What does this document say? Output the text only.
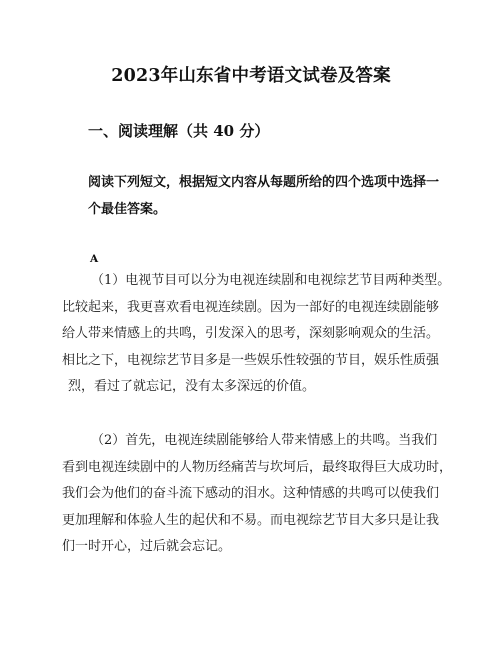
2023年山东省中考语文试卷及答案
一、阅读理解（共 40 分）
阅读下列短文，根据短文内容从每题所给的四个选项中选择一
个最佳答案。
A
（1）电视节目可以分为电视连续剧和电视综艺节目两种类型。
比较起来，我更喜欢看电视连续剧。因为一部好的电视连续剧能够
给人带来情感上的共鸣，引发深入的思考，深刻影响观众的生活。
相比之下，电视综艺节目多是一些娱乐性较强的节目，娱乐性质强
烈，看过了就忘记，没有太多深远的价值。
（2）首先，电视连续剧能够给人带来情感上的共鸣。当我们
看到电视连续剧中的人物历经痛苦与坎坷后，最终取得巨大成功时，
我们会为他们的奋斗流下感动的泪水。这种情感的共鸣可以使我们
更加理解和体验人生的起伏和不易。而电视综艺节目大多只是让我
们一时开心，过后就会忘记。
